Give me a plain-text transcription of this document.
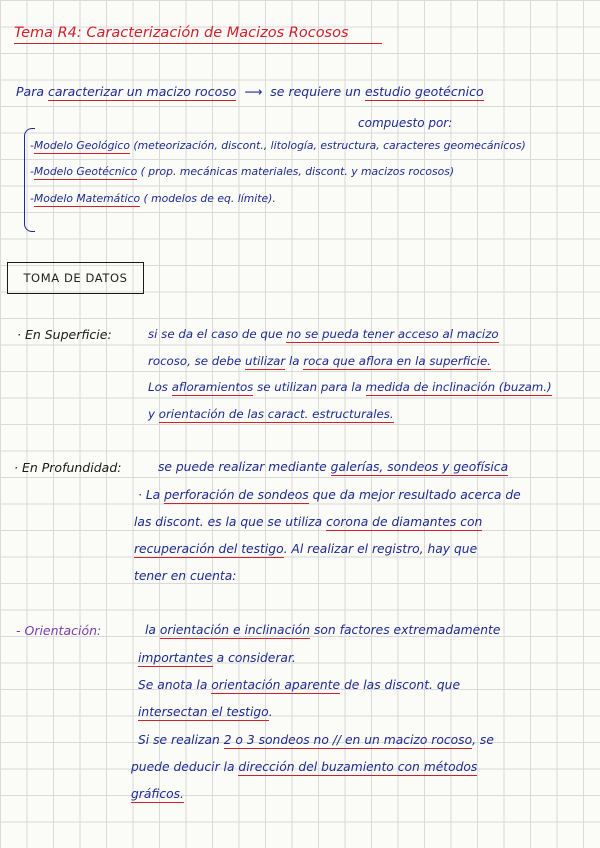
Tema R4: Caracterización de Macizos Rocosos
Para caracterizar un macizo rocoso ⟶ se requiere un estudio geotécnico
compuesto por:
-Modelo Geológico (meteorización, discont., litología, estructura, caracteres geomecánicos)
-Modelo Geotécnico ( prop. mecánicas materiales, discont. y macizos rocosos)
-Modelo Matemático ( modelos de eq. límite).
TOMA DE DATOS
· En Superficie:
· En Profundidad:
- Orientación:
si se da el caso de que no se pueda tener acceso al macizo
rocoso, se debe utilizar la roca que aflora en la superficie.
Los afloramientos se utilizan para la medida de inclinación (buzam.)
y orientación de las caract. estructurales.
se puede realizar mediante galerías, sondeos y geofísica
· La perforación de sondeos que da mejor resultado acerca de
las discont. es la que se utiliza corona de diamantes con
recuperación del testigo. Al realizar el registro, hay que
tener en cuenta:
la orientación e inclinación son factores extremadamente
importantes a considerar.
Se anota la orientación aparente de las discont. que
intersectan el testigo.
Si se realizan 2 o 3 sondeos no // en un macizo rocoso, se
puede deducir la dirección del buzamiento con métodos
gráficos.
